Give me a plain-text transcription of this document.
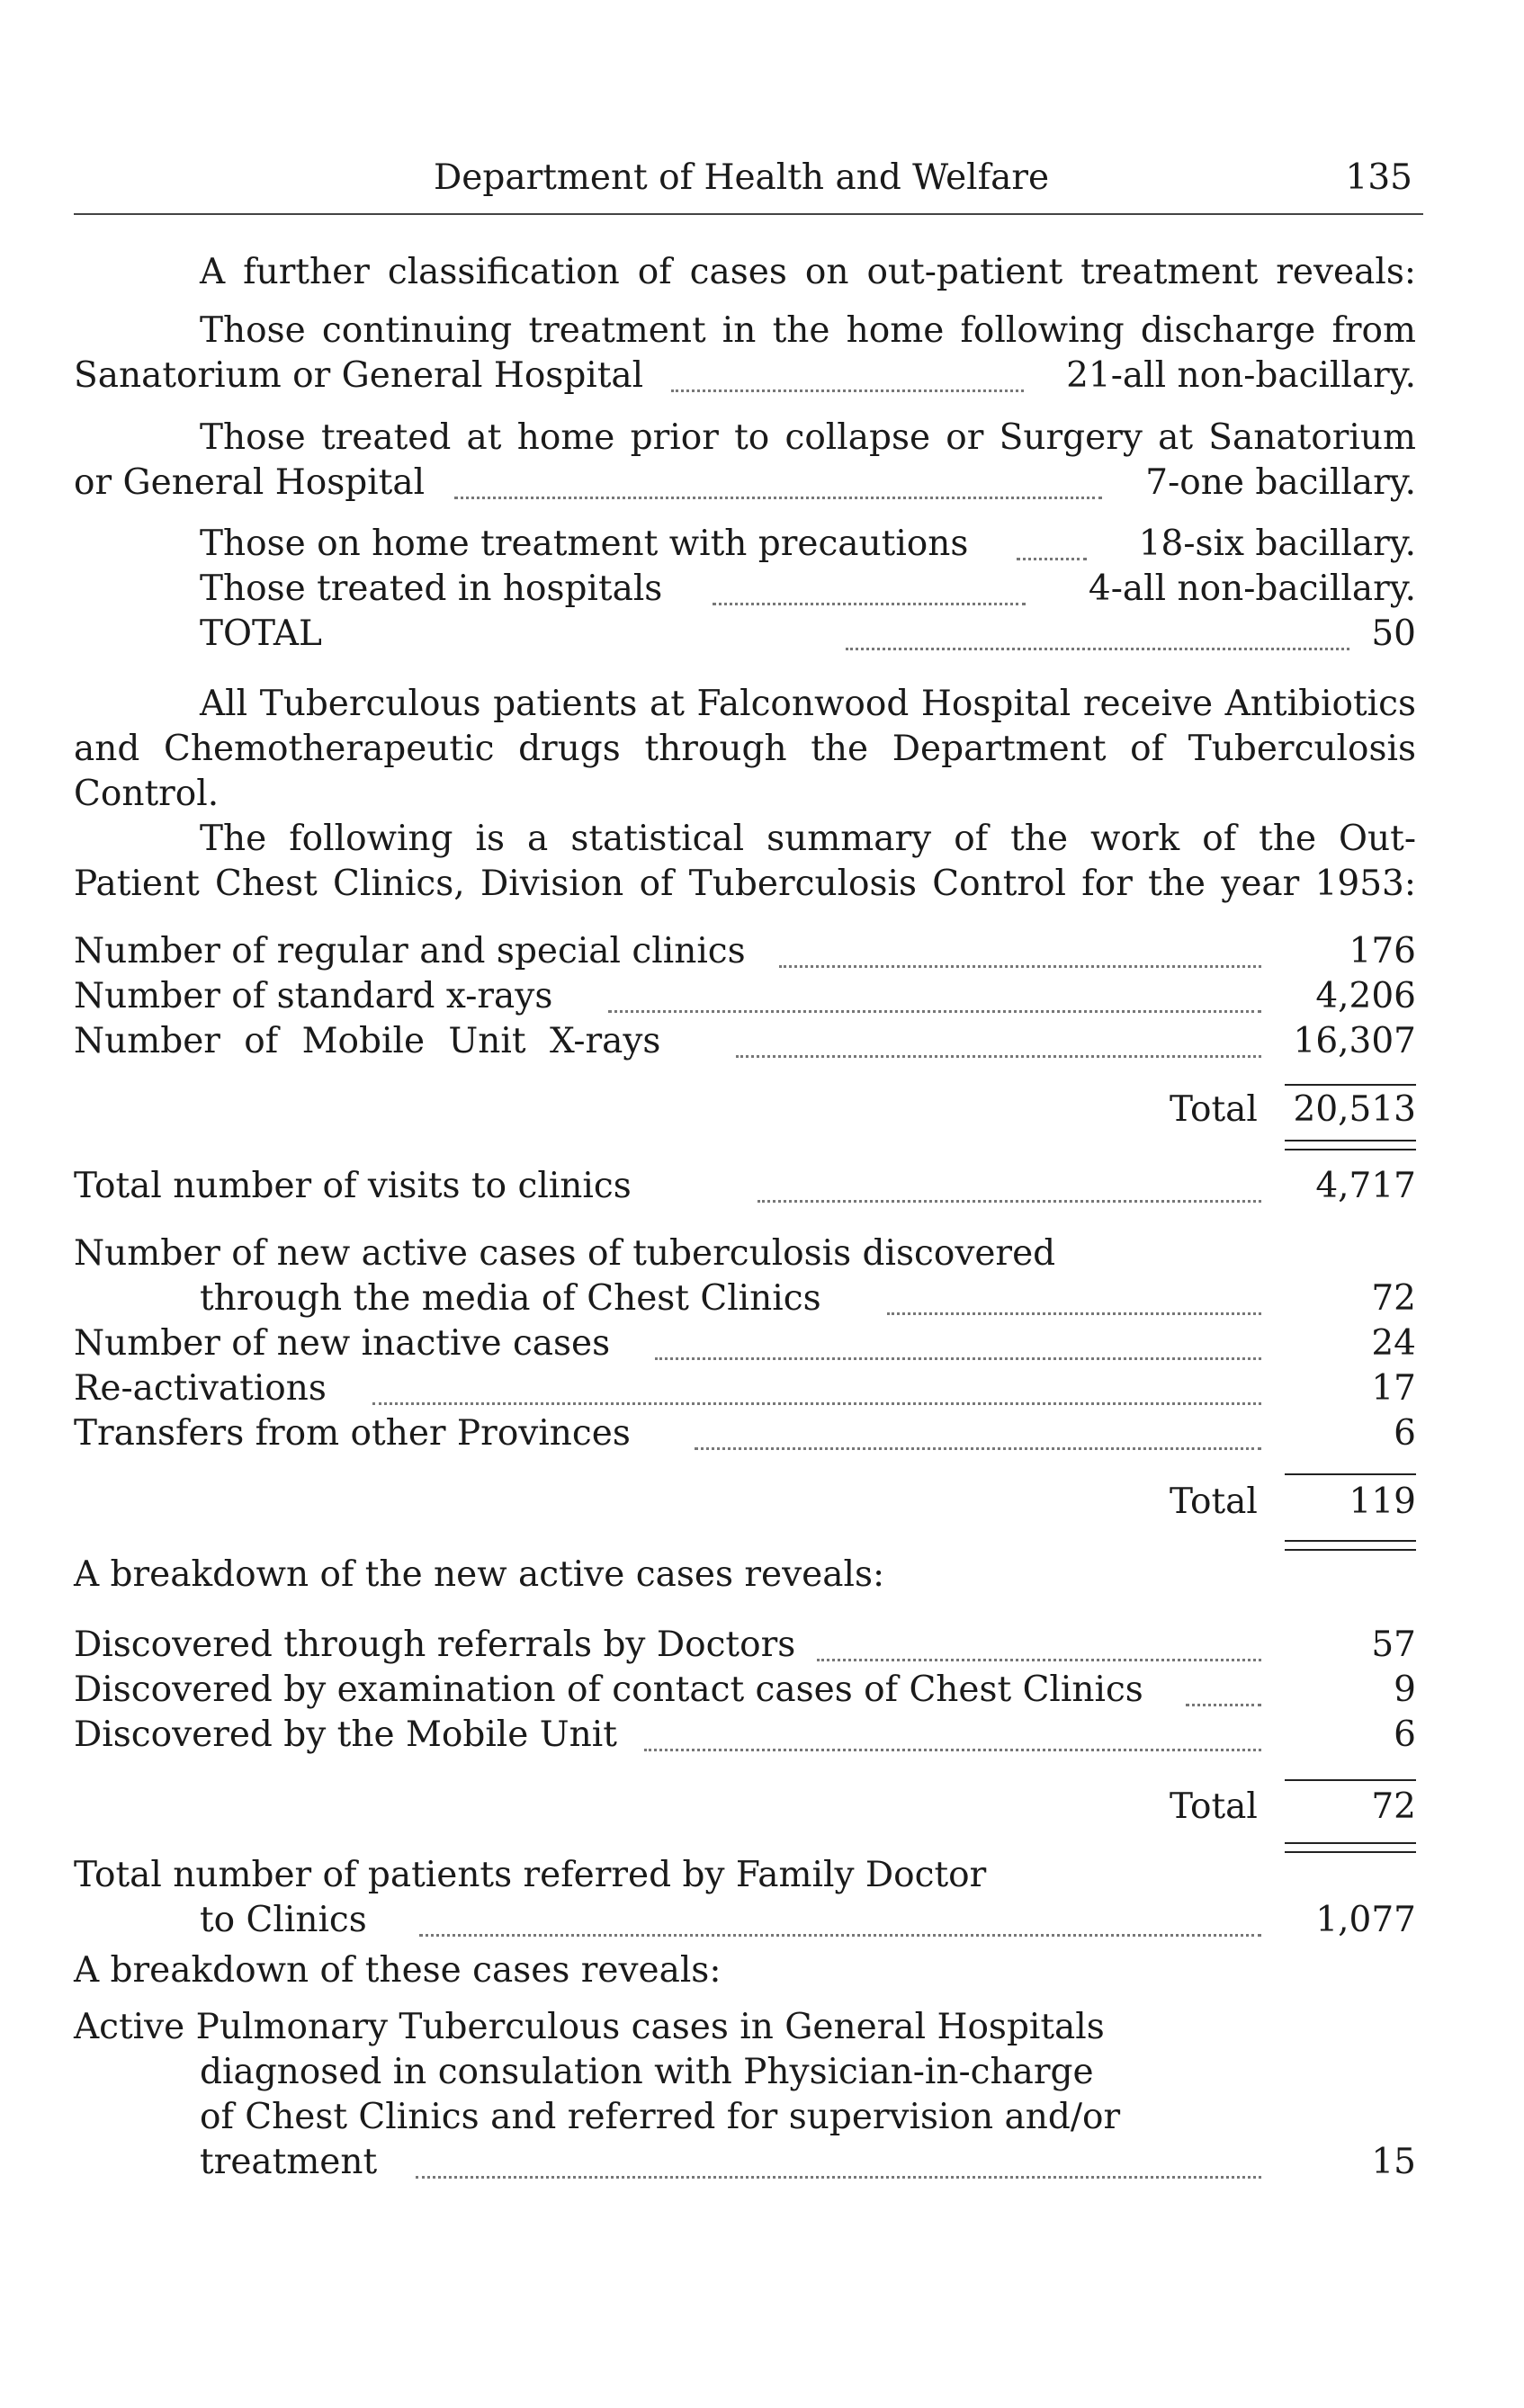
Department of Health and Welfare	135
A further classification of cases on out-patient treatment reveals:
Those continuing treatment in the home following discharge from
Sanatorium or General Hospital	21-all non-bacillary.
Those treated at home prior to collapse or Surgery at Sanatorium
or General Hospital	7-one bacillary.
Those on home treatment with precautions	18-six bacillary.
Those treated in hospitals	4-all non-bacillary.
TOTAL	50
All Tuberculous patients at Falconwood Hospital receive Antibiotics
and Chemotherapeutic drugs through the Department of Tuberculosis
Control.
The following is a statistical summary of the work of the Out-
Patient Chest Clinics, Division of Tuberculosis Control for the year 1953:
Number of regular and special clinics	176
Number of standard x-rays	4,206
Number of Mobile Unit X-rays	16,307
Total	20,513
Total number of visits to clinics	4,717
Number of new active cases of tuberculosis discovered
through the media of Chest Clinics	72
Number of new inactive cases	24
Re-activations	17
Transfers from other Provinces	6
Total	119
A breakdown of the new active cases reveals:
Discovered through referrals by Doctors	57
Discovered by examination of contact cases of Chest Clinics	9
Discovered by the Mobile Unit	6
Total	72
Total number of patients referred by Family Doctor
to Clinics	1,077
A breakdown of these cases reveals:
Active Pulmonary Tuberculous cases in General Hospitals
diagnosed in consulation with Physician-in-charge
of Chest Clinics and referred for supervision and/or
treatment	15
